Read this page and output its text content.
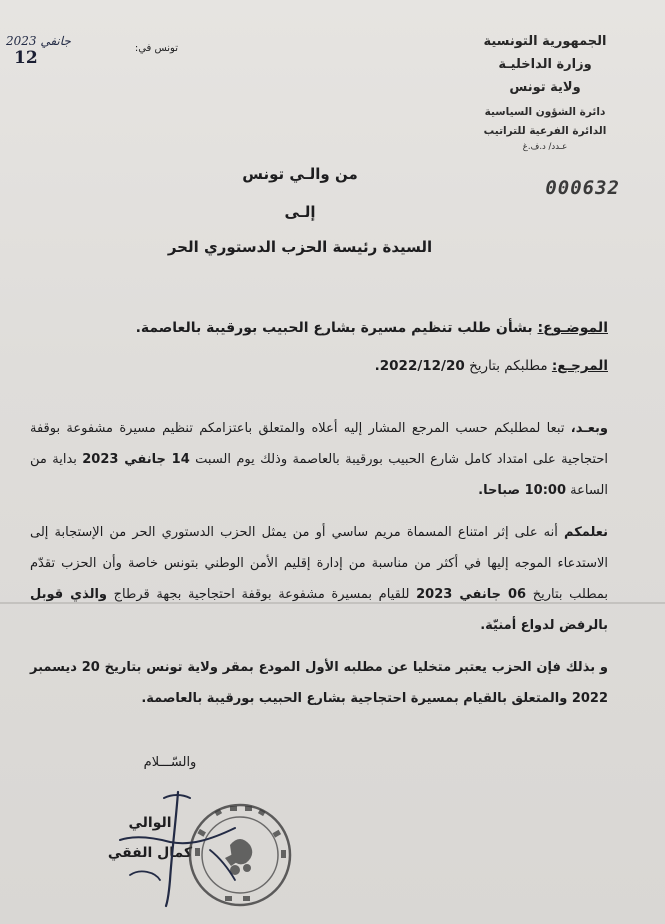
الجمهورية التونسية
وزارة الداخليـة
ولاية تونس
دائرة الشؤون السياسية
الدائرة الفرعية للتراتيب
عـدد/ د.ف.غ
000632
تونس في:
2023 جانفي 12
من والـي تونس
إلـى
السيدة رئيسة الحزب الدستوري الحر
الموضـوع: بشأن طلب تنظيم مسيرة بشارع الحبيب بورقيبة بالعاصمة.
المرجـع: مطلبكم بتاريخ 2022/12/20.
وبعـد، تبعا لمطلبكم حسب المرجع المشار إليه أعلاه والمتعلق باعتزامكم تنظيم مسيرة مشفوعة بوقفة احتجاجية على امتداد كامل شارع الحبيب بورقيبة بالعاصمة وذلك يوم السبت 14 جانفي 2023 بداية من الساعة 10:00 صباحا.
نعلمكم أنه على إثر امتناع المسماة مريم ساسي أو من يمثل الحزب الدستوري الحر من الإستجابة إلى الاستدعاء الموجه إليها في أكثر من مناسبة من إدارة إقليم الأمن الوطني بتونس خاصة وأن الحزب تقدّم بمطلب بتاريخ 06 جانفي 2023 للقيام بمسيرة مشفوعة بوقفة احتجاجية بجهة قرطاج والذي قوبل بالرفض لدواع أمنيّة.
و بذلك فإن الحزب يعتبر متخليا عن مطلبه الأول المودع بمقر ولاية تونس بتاريخ 20 ديسمبر 2022 والمتعلق بالقيام بمسيرة احتجاجية بشارع الحبيب بورقيبة بالعاصمة.
والسّـــلام
الوالي
كمال الفقي
